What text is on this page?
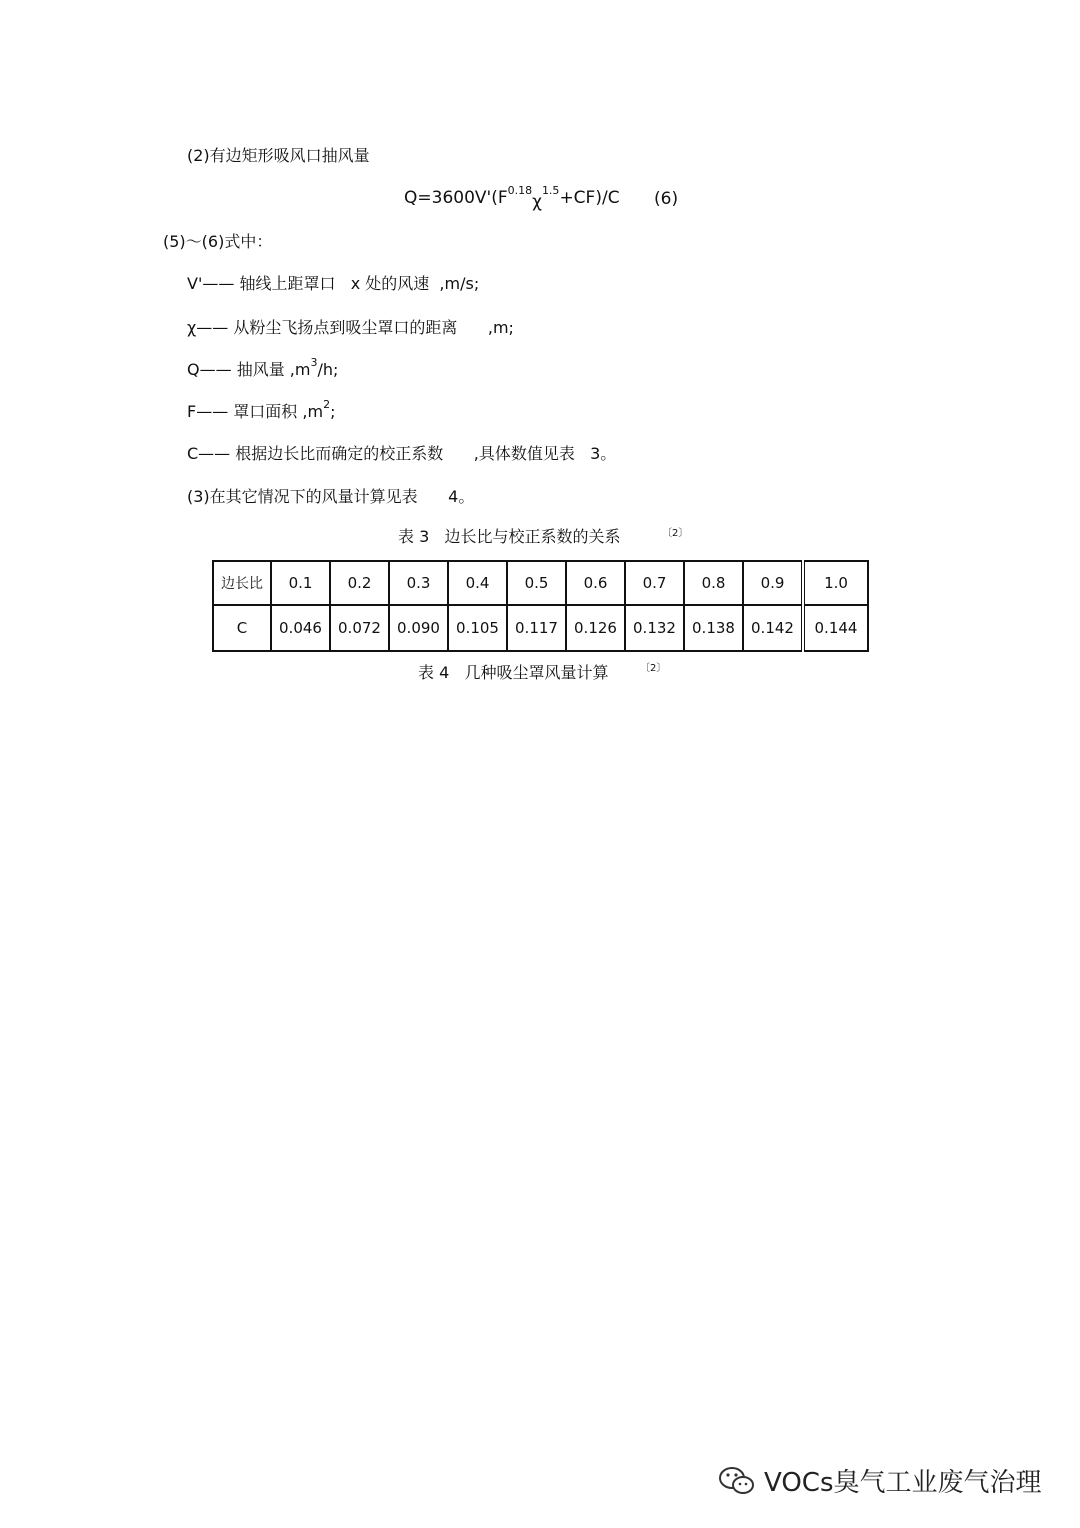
(2)有边矩形吸风口抽风量
$Q=3600V'(F^{0.18}\chi^{1.5}+CF)/C$ (6)
(5)～(6)式中：
V'—— 轴线上距罩口   x 处的风速  ,m/s;
χ—— 从粉尘飞扬点到吸尘罩口的距离      ,m;
Q—— 抽风量 $,m^3/h$;
F—— 罩口面积 $,m^2$;
C—— 根据边长比而确定的校正系数      ,具体数值见表   3。
(3)在其它情况下的风量计算见表      4。
表 3   边长比与校正系数的关系	〔2〕
边长比	0.1	0.2	0.3	0.4	0.5	0.6	0.7	0.8	0.9	1.0
C	0.046	0.072	0.090	0.105	0.117	0.126	0.132	0.138	0.142	0.144
表 4   几种吸尘罩风量计算	〔2〕
VOCs臭气工业废气治理
